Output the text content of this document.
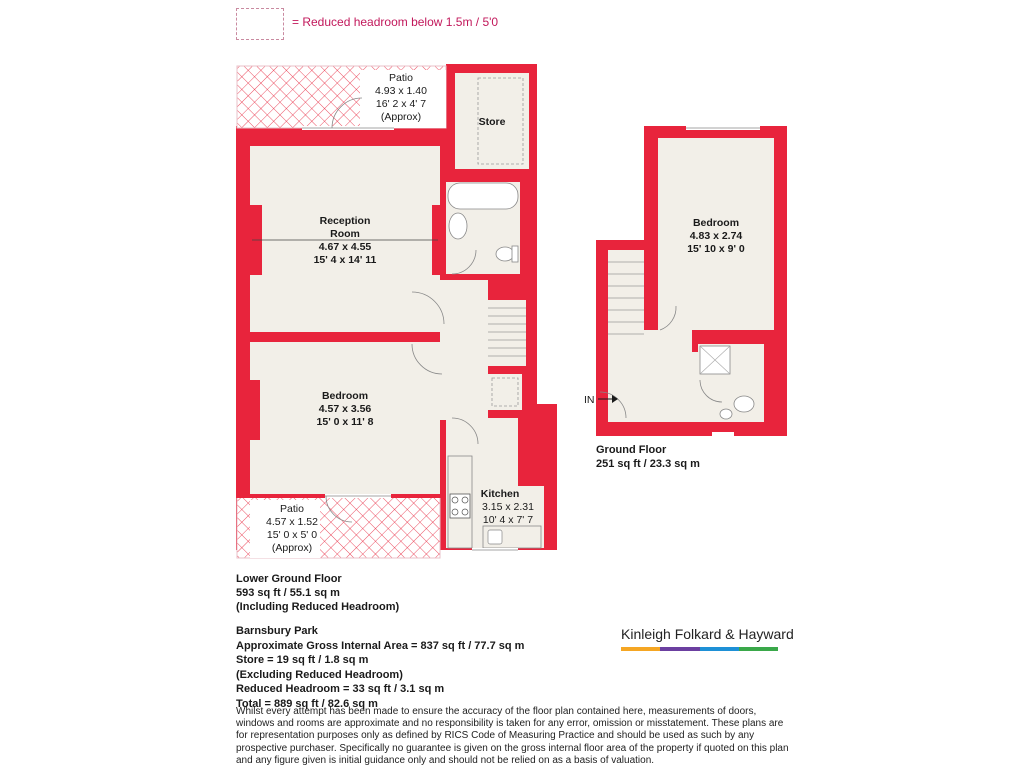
= Reduced headroom below 1.5m / 5'0
Patio
4.93 x 1.40
16' 2 x 4' 7
(Approx)	Store
Reception
Room
4.67 x 4.55
15' 4 x 14' 11
Bedroom
4.57 x 3.56
15' 0 x 11' 8
Patio
4.57 x 1.52
15' 0 x 5' 0
(Approx)
Kitchen
3.15 x 2.31
10' 4 x 7' 7
Bedroom
4.83 x 2.74
15' 10 x 9' 0
IN
Lower Ground Floor
593 sq ft / 55.1 sq m
(Including Reduced Headroom)
Ground Floor
251 sq ft / 23.3 sq m
Barnsbury Park
Approximate Gross Internal Area = 837 sq ft / 77.7 sq m
Store = 19 sq ft / 1.8 sq m
(Excluding Reduced Headroom)
Reduced Headroom = 33 sq ft / 3.1 sq m
Total = 889 sq ft / 82.6 sq m
Whilst every attempt has been made to ensure the accuracy of the floor plan contained here, measurements of doors, windows and rooms are approximate and no responsibility is taken for any error, omission or misstatement. These plans are for representation purposes only as defined by RICS Code of Measuring Practice and should be used as such by any prospective purchaser. Specifically no guarantee is given on the gross internal floor area of the property if quoted on this plan and any figure given is initial guidance only and should not be relied on as a basis of valuation.
Kinleigh Folkard & Hayward
